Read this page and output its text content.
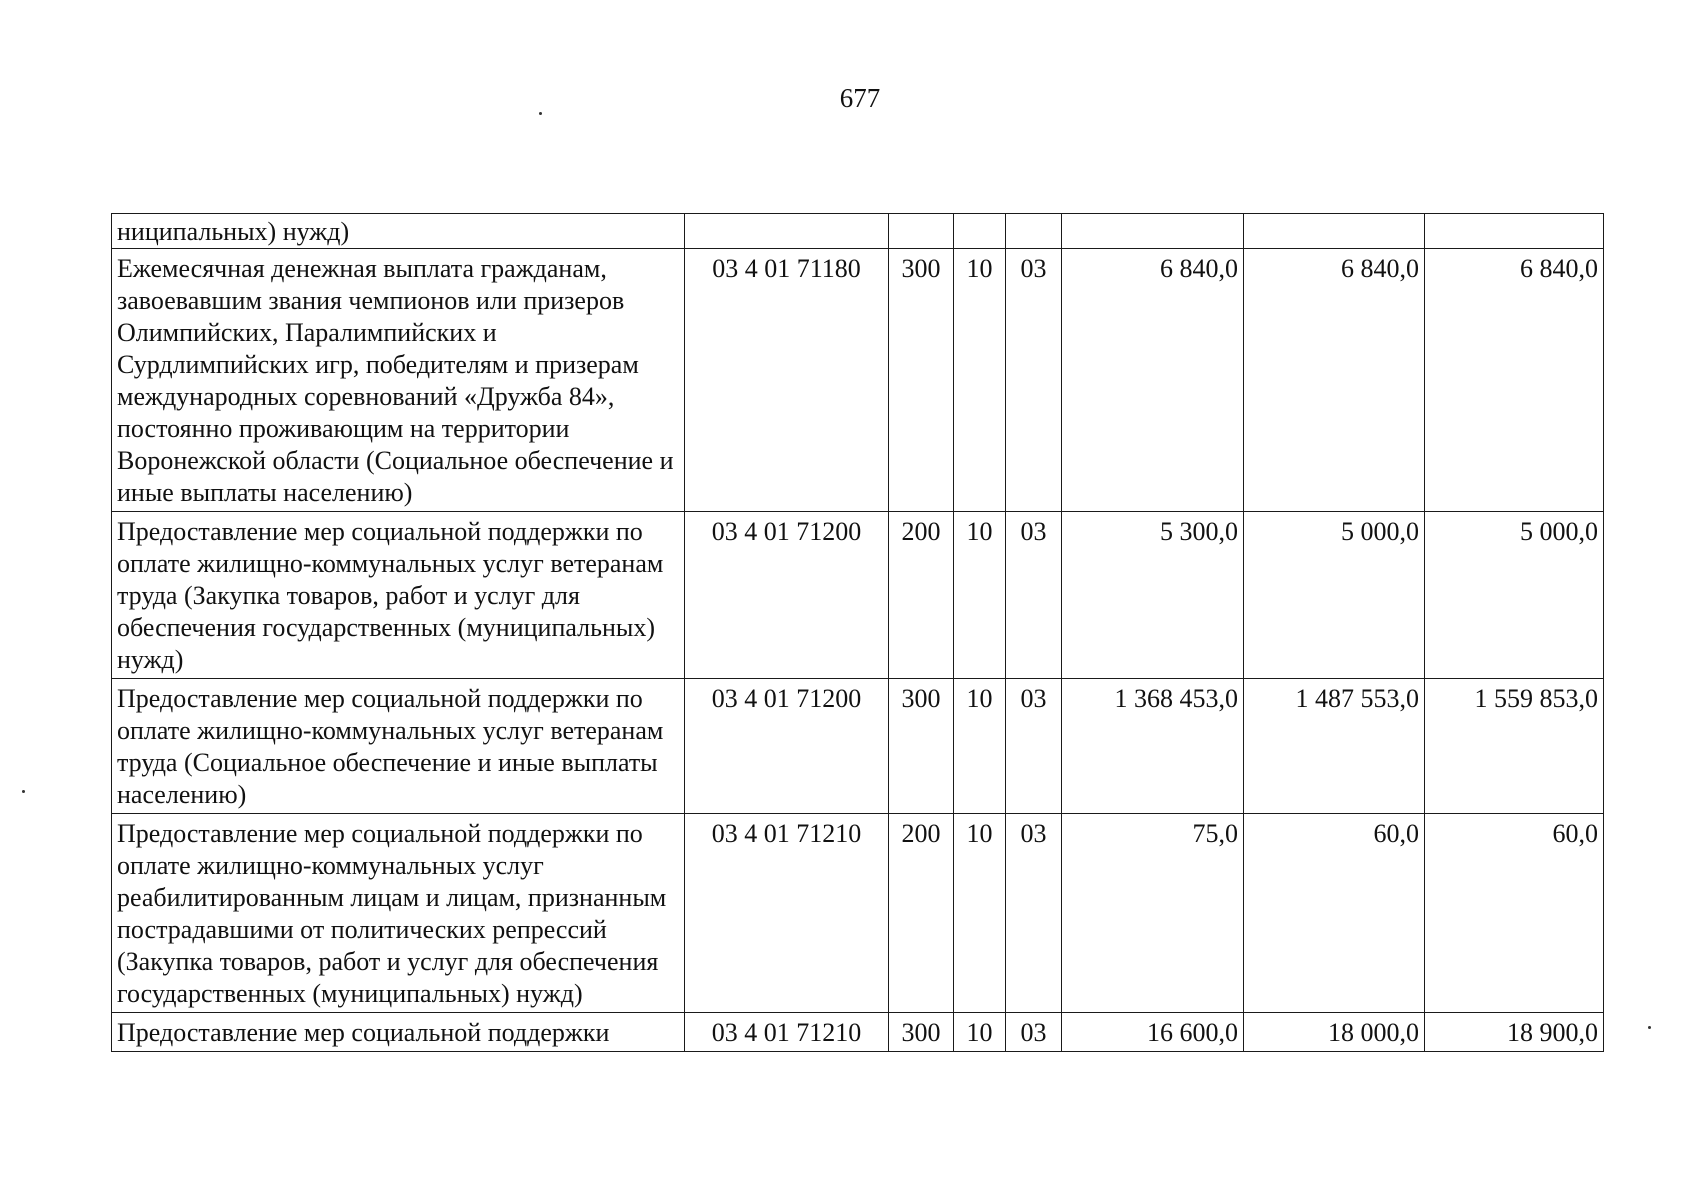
677
ниципальных) нужд)							
Ежемесячная денежная выплата гражданам, завоевавшим звания чемпионов или призеров Олимпийских, Паралимпийских и Сурдлимпийских игр, победителям и призерам международных соревнований «Дружба 84», постоянно проживающим на территории Воронежской области (Социальное обеспечение и иные выплаты населению)	03 4 01 71180	300	10	03	6 840,0	6 840,0	6 840,0
Предоставление мер социальной поддержки по оплате жилищно-коммунальных услуг ветеранам труда (Закупка товаров, работ и услуг для обеспечения государственных (муниципальных) нужд)	03 4 01 71200	200	10	03	5 300,0	5 000,0	5 000,0
Предоставление мер социальной поддержки по оплате жилищно-коммунальных услуг ветеранам труда (Социальное обеспечение и иные выплаты населению)	03 4 01 71200	300	10	03	1 368 453,0	1 487 553,0	1 559 853,0
Предоставление мер социальной поддержки по оплате жилищно-коммунальных услуг реабилитированным лицам и лицам, признанным пострадавшими от политических репрессий (Закупка товаров, работ и услуг для обеспечения государственных (муниципальных) нужд)	03 4 01 71210	200	10	03	75,0	60,0	60,0
Предоставление мер социальной поддержки	03 4 01 71210	300	10	03	16 600,0	18 000,0	18 900,0
